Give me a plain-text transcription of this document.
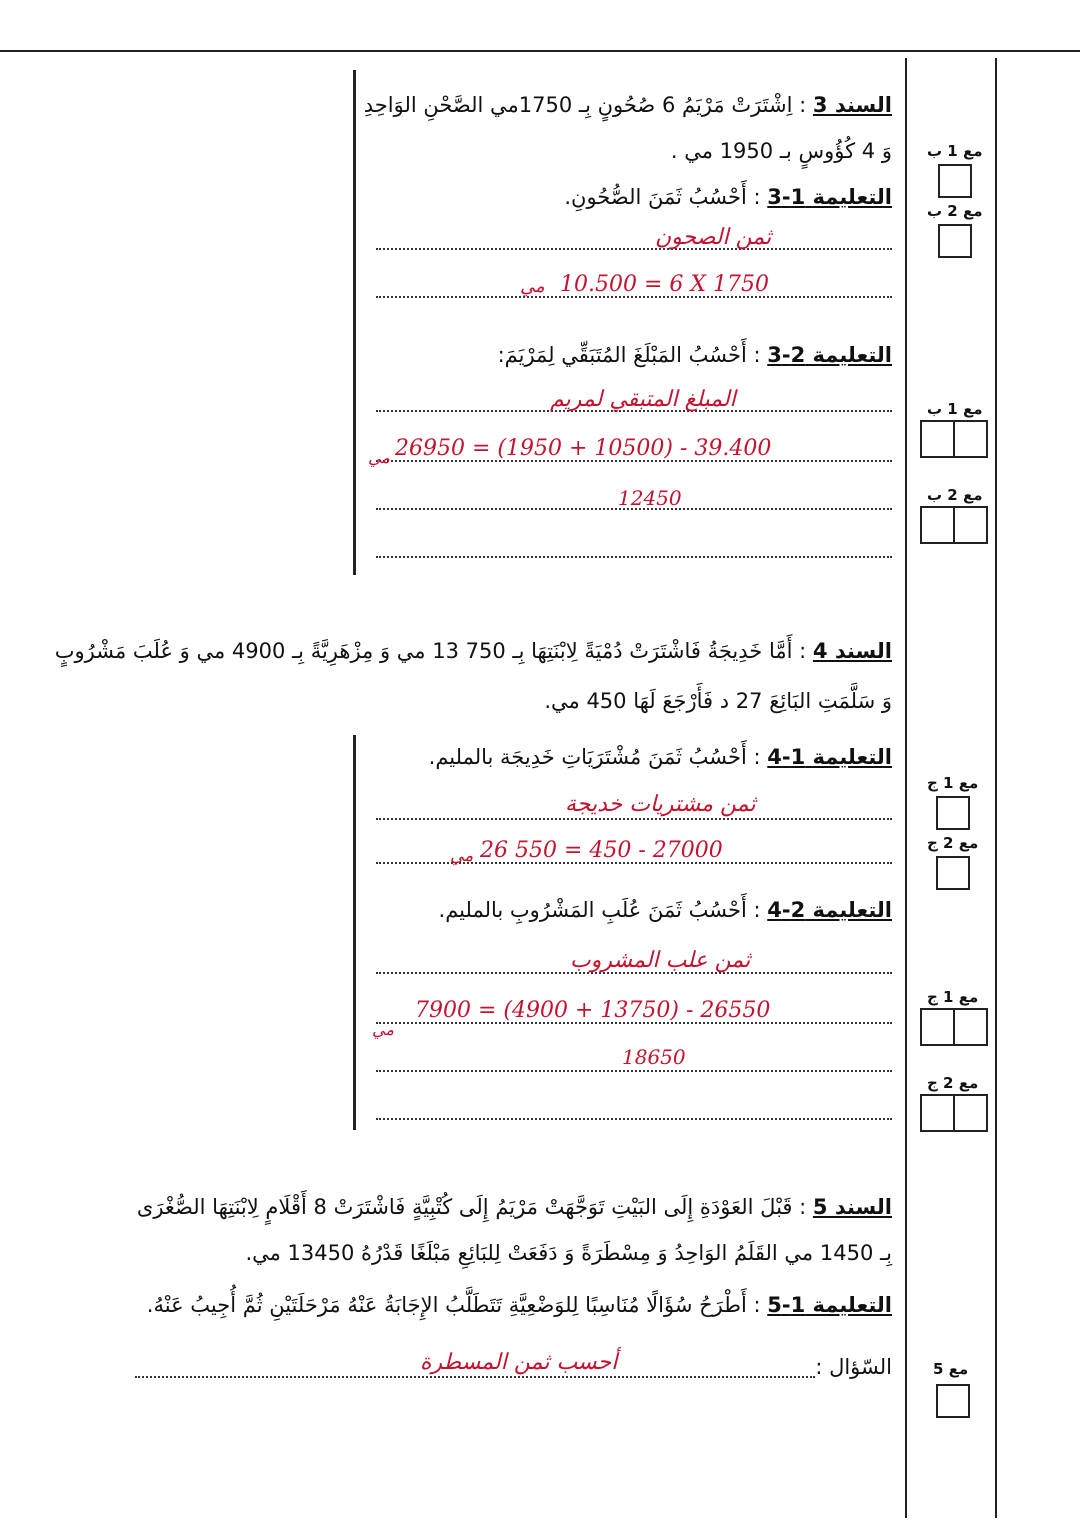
السند 3 : اِشْتَرَتْ مَرْيَمُ 6 صُحُونٍ بِـ 1750مي الصَّحْنِ الوَاحِدِ
وَ 4 كُؤُوسٍ بـ 1950 مي .
التعليمة 1-3 : أَحْسُبُ ثَمَنَ الصُّحُونِ.
ثمن الصحون
10.500 = 6 X 1750
مي
التعليمة 2-3 : أَحْسُبُ المَبْلَغَ المُتَبَقِّي لِمَرْيَمَ:
المبلغ المتبقي لمريم
26950 = (1950 + 10500) - 39.400
مي
12450
السند 4 : أَمَّا خَدِيجَةُ فَاشْتَرَتْ دُمْيَةً لِابْنَتِهَا بِـ 750 13 مي وَ مِزْهَرِيَّةً بِـ 4900 مي وَ عُلَبَ مَشْرُوبٍ
وَ سَلَّمَتِ البَائِعَ 27 د فَأَرْجَعَ لَهَا 450 مي.
التعليمة 1-4 : أَحْسُبُ ثَمَنَ مُشْتَرَيَاتِ خَدِيجَة بالمليم.
ثمن مشتريات خديجة
26 550 = 450 - 27000
مي
التعليمة 2-4 : أَحْسُبُ ثَمَنَ عُلَبِ المَشْرُوبِ بالمليم.
ثمن علب المشروب
7900 = (4900 + 13750) - 26550
مي
18650
السند 5 : قَبْلَ العَوْدَةِ إِلَى البَيْتِ تَوَجَّهَتْ مَرْيَمُ إِلَى كُتْبِيَّةٍ فَاشْتَرَتْ 8 أَقْلَامٍ لِابْنَتِهَا الصُّغْرَى
بِـ 1450 مي القَلَمُ الوَاحِدُ وَ مِسْطَرَةً وَ دَفَعَتْ لِلبَائِعِ مَبْلَغًا قَدْرُهُ 13450 مي.
التعليمة 1-5 : أَطْرَحُ سُؤَالًا مُنَاسِبًا لِلوَضْعِيَّةِ تَتَطَلَّبُ الإِجَابَةُ عَنْهُ مَرْحَلَتَيْنِ ثُمَّ أُجِيبُ عَنْهُ.
السّؤال :
أحسب ثمن المسطرة
مع 1 ب
مع 2 ب
مع 1 ب
مع 2 ب
مع 1 ج
مع 2 ج
مع 1 ج
مع 2 ج
مع 5
